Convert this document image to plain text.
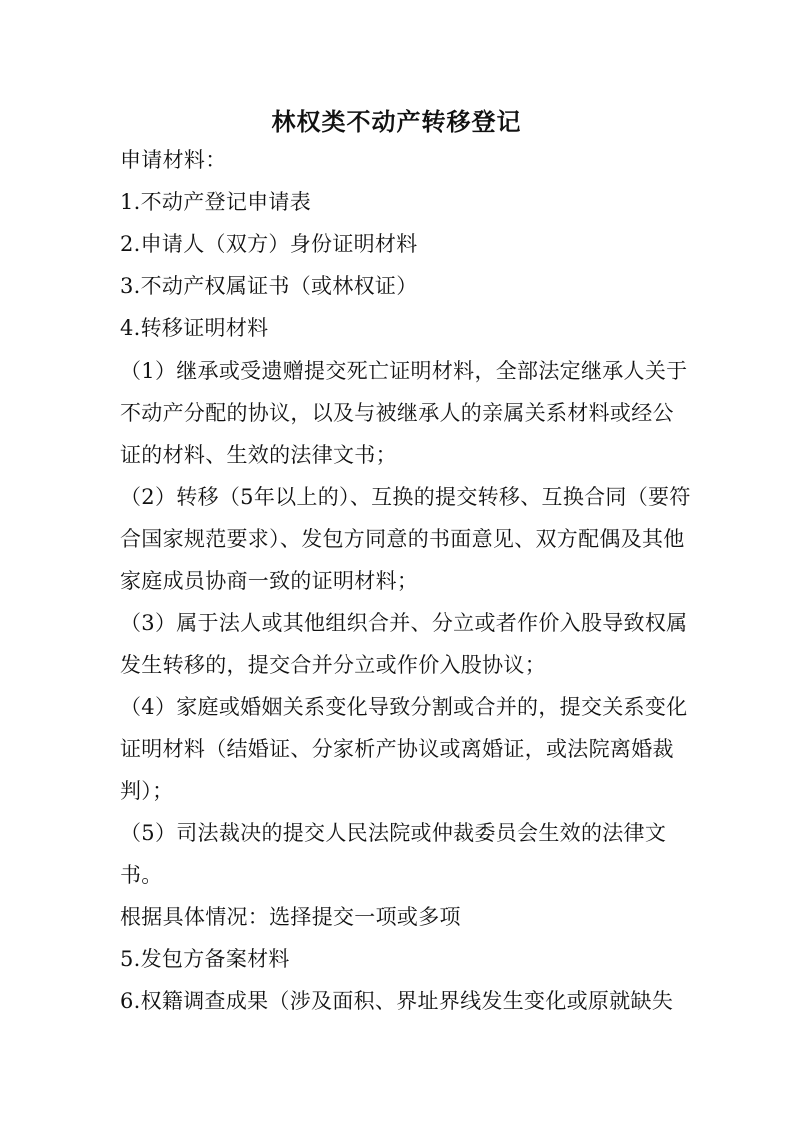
林权类不动产转移登记
申请材料：
1.不动产登记申请表
2.申请人（双方）身份证明材料
3.不动产权属证书（或林权证）
4.转移证明材料
（1）继承或受遗赠提交死亡证明材料，全部法定继承人关于
不动产分配的协议，以及与被继承人的亲属关系材料或经公
证的材料、生效的法律文书；
（2）转移（5年以上的）、互换的提交转移、互换合同（要符
合国家规范要求）、发包方同意的书面意见、双方配偶及其他
家庭成员协商一致的证明材料；
（3）属于法人或其他组织合并、分立或者作价入股导致权属
发生转移的，提交合并分立或作价入股协议；
（4）家庭或婚姻关系变化导致分割或合并的，提交关系变化
证明材料（结婚证、分家析产协议或离婚证，或法院离婚裁
判）；
（5）司法裁决的提交人民法院或仲裁委员会生效的法律文
书。
根据具体情况：选择提交一项或多项
5.发包方备案材料
6.权籍调查成果（涉及面积、界址界线发生变化或原就缺失
